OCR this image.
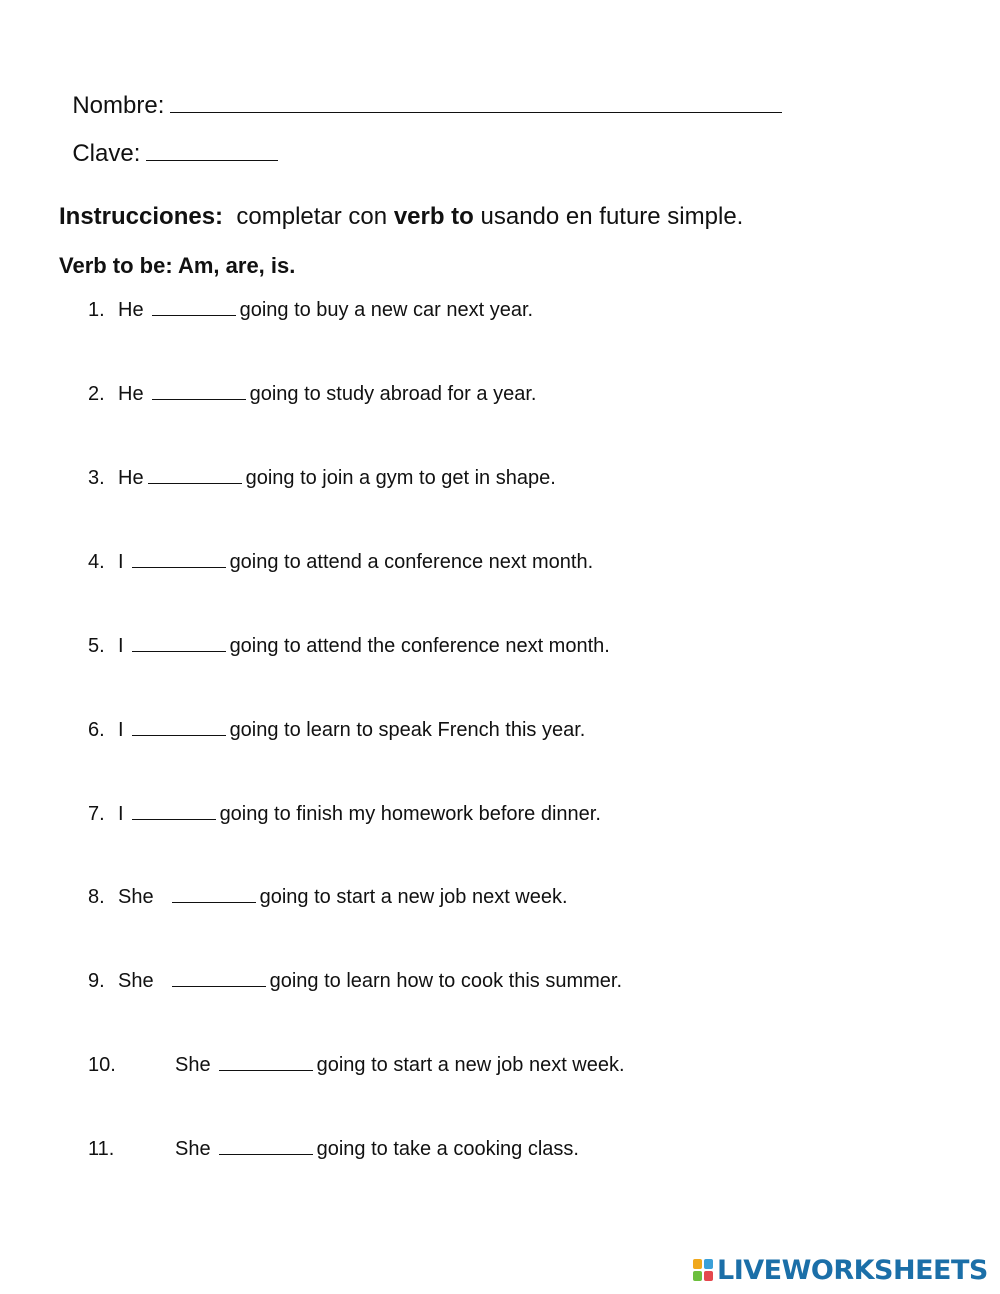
Nombre:

Clave:

Instrucciones: completar con verb to usando en future simple.
Verb to be: Am, are, is.
1. He	going to buy a new car next year.
2. He	going to study abroad for a year.
3. He	going to join a gym to get in shape.
4. I	going to attend a conference next month.
5. I	going to attend the conference next month.
6. I	going to learn to speak French this year.
7. I	going to finish my homework before dinner.
8. She	going to start a new job next week.
9. She	going to learn how to cook this summer.
10.	She	going to start a new job next week.
11.	She	going to take a cooking class.
LIVEWORKSHEETS
